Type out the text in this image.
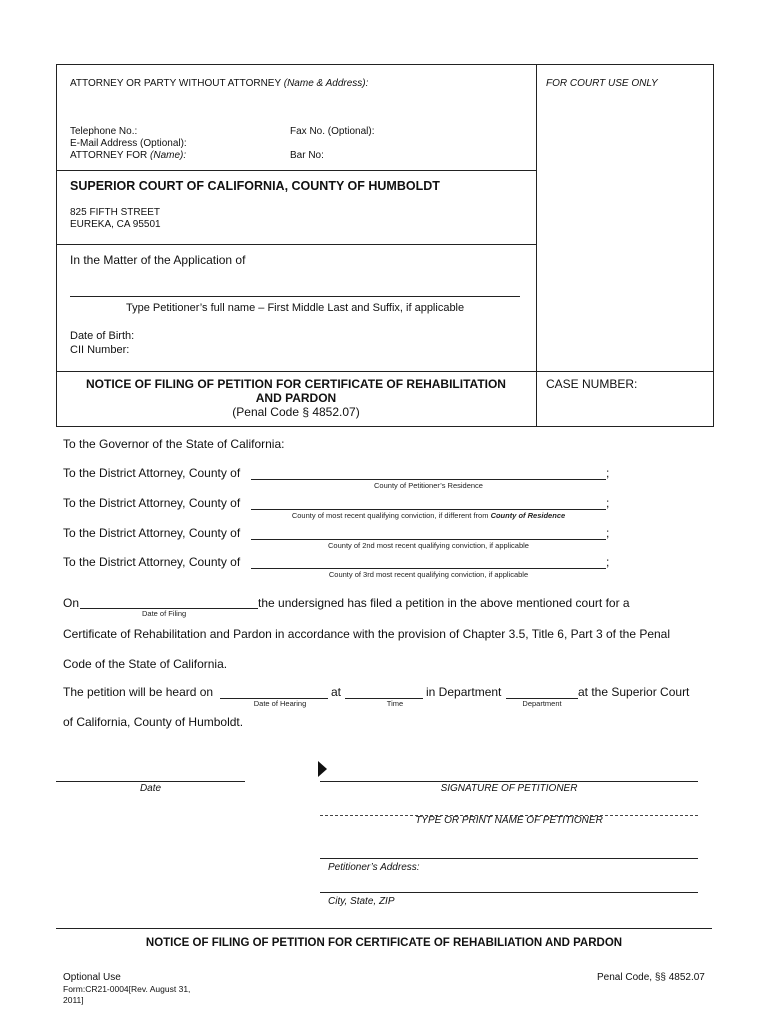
ATTORNEY OR PARTY WITHOUT ATTORNEY (Name & Address):	FOR COURT USE ONLY
Telephone No.:	Fax No. (Optional):
E-Mail Address (Optional):
ATTORNEY FOR (Name):	Bar No:
SUPERIOR COURT OF CALIFORNIA, COUNTY OF HUMBOLDT
825 FIFTH STREET
EUREKA, CA 95501
In the Matter of the Application of
Type Petitioner’s full name – First Middle Last and Suffix, if applicable
Date of Birth:
CII Number:
NOTICE OF FILING OF PETITION FOR CERTIFICATE OF REHABILITATION
AND PARDON
(Penal Code § 4852.07)
CASE NUMBER:
To the Governor of the State of California:
To the District Attorney, County of	;
County of Petitioner’s Residence
To the District Attorney, County of	;
County of most recent qualifying conviction, if different from County of Residence
To the District Attorney, County of	;
County of 2nd most recent qualifying conviction, if applicable
To the District Attorney, County of	;
County of 3rd most recent qualifying conviction, if applicable
On
Date of Filing
the undersigned has filed a petition in the above mentioned court for a
Certificate of Rehabilitation and Pardon in accordance with the provision of Chapter 3.5, Title 6, Part 3 of the Penal
Code of the State of California.
The petition will be heard on
Date of Hearing
at
Time
in Department
Department
at the Superior Court
of California, County of Humboldt.
Date	SIGNATURE OF PETITIONER
TYPE OR PRINT NAME OF PETITIONER
Petitioner’s Address:
City, State, ZIP
NOTICE OF FILING OF PETITION FOR CERTIFICATE OF REHABILIATION AND PARDON
Optional Use
Form:CR21-0004[Rev. August 31,
2011]
Penal Code, §§ 4852.07
